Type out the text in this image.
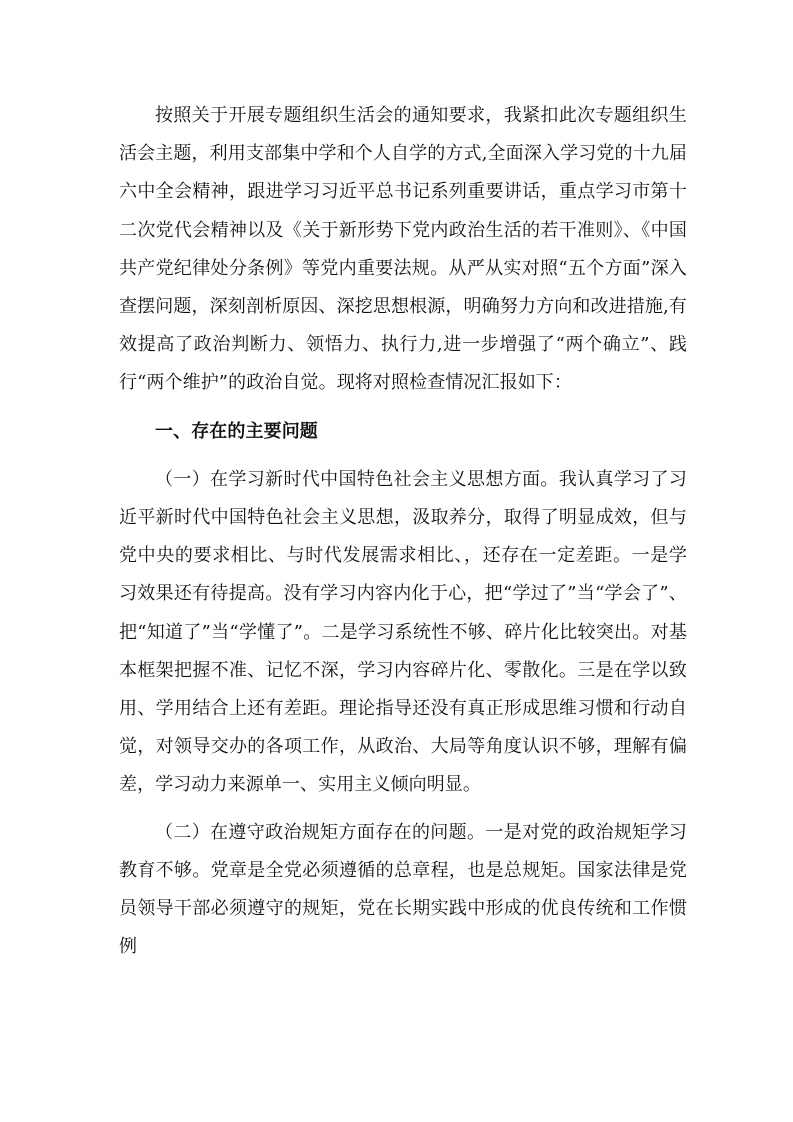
按照关于开展专题组织生活会的通知要求，我紧扣此次专题组织生活会主题，利用支部集中学和个人自学的方式,全面深入学习党的十九届六中全会精神，跟进学习习近平总书记系列重要讲话，重点学习市第十二次党代会精神以及《关于新形势下党内政治生活的若干准则》、《中国共产党纪律处分条例》等党内重要法规。从严从实对照“五个方面”深入查摆问题，深刻剖析原因、深挖思想根源，明确努力方向和改进措施,有效提高了政治判断力、领悟力、执行力,进一步增强了“两个确立”、践行“两个维护”的政治自觉。现将对照检查情况汇报如下：

一、存在的主要问题

（一）在学习新时代中国特色社会主义思想方面。我认真学习了习近平新时代中国特色社会主义思想，汲取养分，取得了明显成效，但与党中央的要求相比、与时代发展需求相比、，还存在一定差距。一是学习效果还有待提高。没有学习内容内化于心，把“学过了”当“学会了”、把“知道了”当“学懂了”。二是学习系统性不够、碎片化比较突出。对基本框架把握不准、记忆不深，学习内容碎片化、零散化。三是在学以致用、学用结合上还有差距。理论指导还没有真正形成思维习惯和行动自觉，对领导交办的各项工作，从政治、大局等角度认识不够，理解有偏差，学习动力来源单一、实用主义倾向明显。

（二）在遵守政治规矩方面存在的问题。一是对党的政治规矩学习教育不够。党章是全党必须遵循的总章程，也是总规矩。国家法律是党员领导干部必须遵守的规矩，党在长期实践中形成的优良传统和工作惯例
